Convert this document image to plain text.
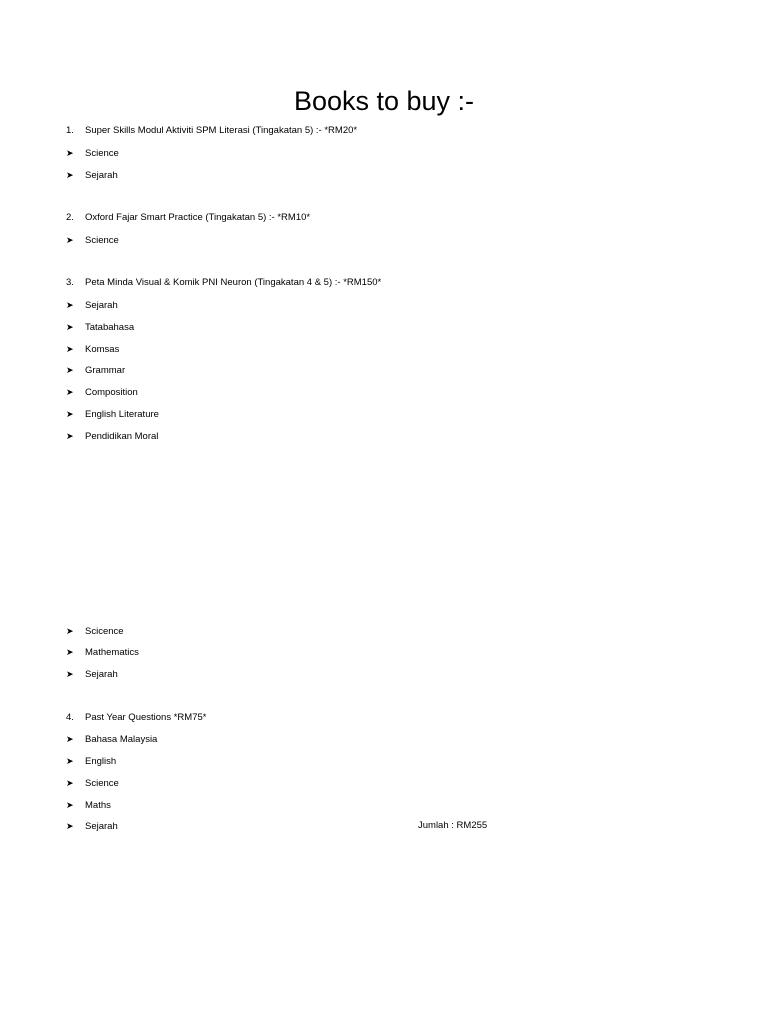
Books to buy :-
1. Super Skills Modul Aktiviti SPM Literasi (Tingakatan 5) :- *RM20*
➤ Science
➤ Sejarah
2. Oxford Fajar Smart Practice (Tingakatan 5) :- *RM10*
➤ Science
3. Peta Minda Visual & Komik PNI Neuron (Tingakatan 4 & 5) :- *RM150*
➤ Sejarah
➤ Tatabahasa
➤ Komsas
➤ Grammar
➤ Composition
➤ English Literature
➤ Pendidikan Moral
➤ Scicence
➤ Mathematics
➤ Sejarah
4. Past Year Questions *RM75*
➤ Bahasa Malaysia
➤ English
➤ Science
➤ Maths
➤ Sejarah	Jumlah : RM255
